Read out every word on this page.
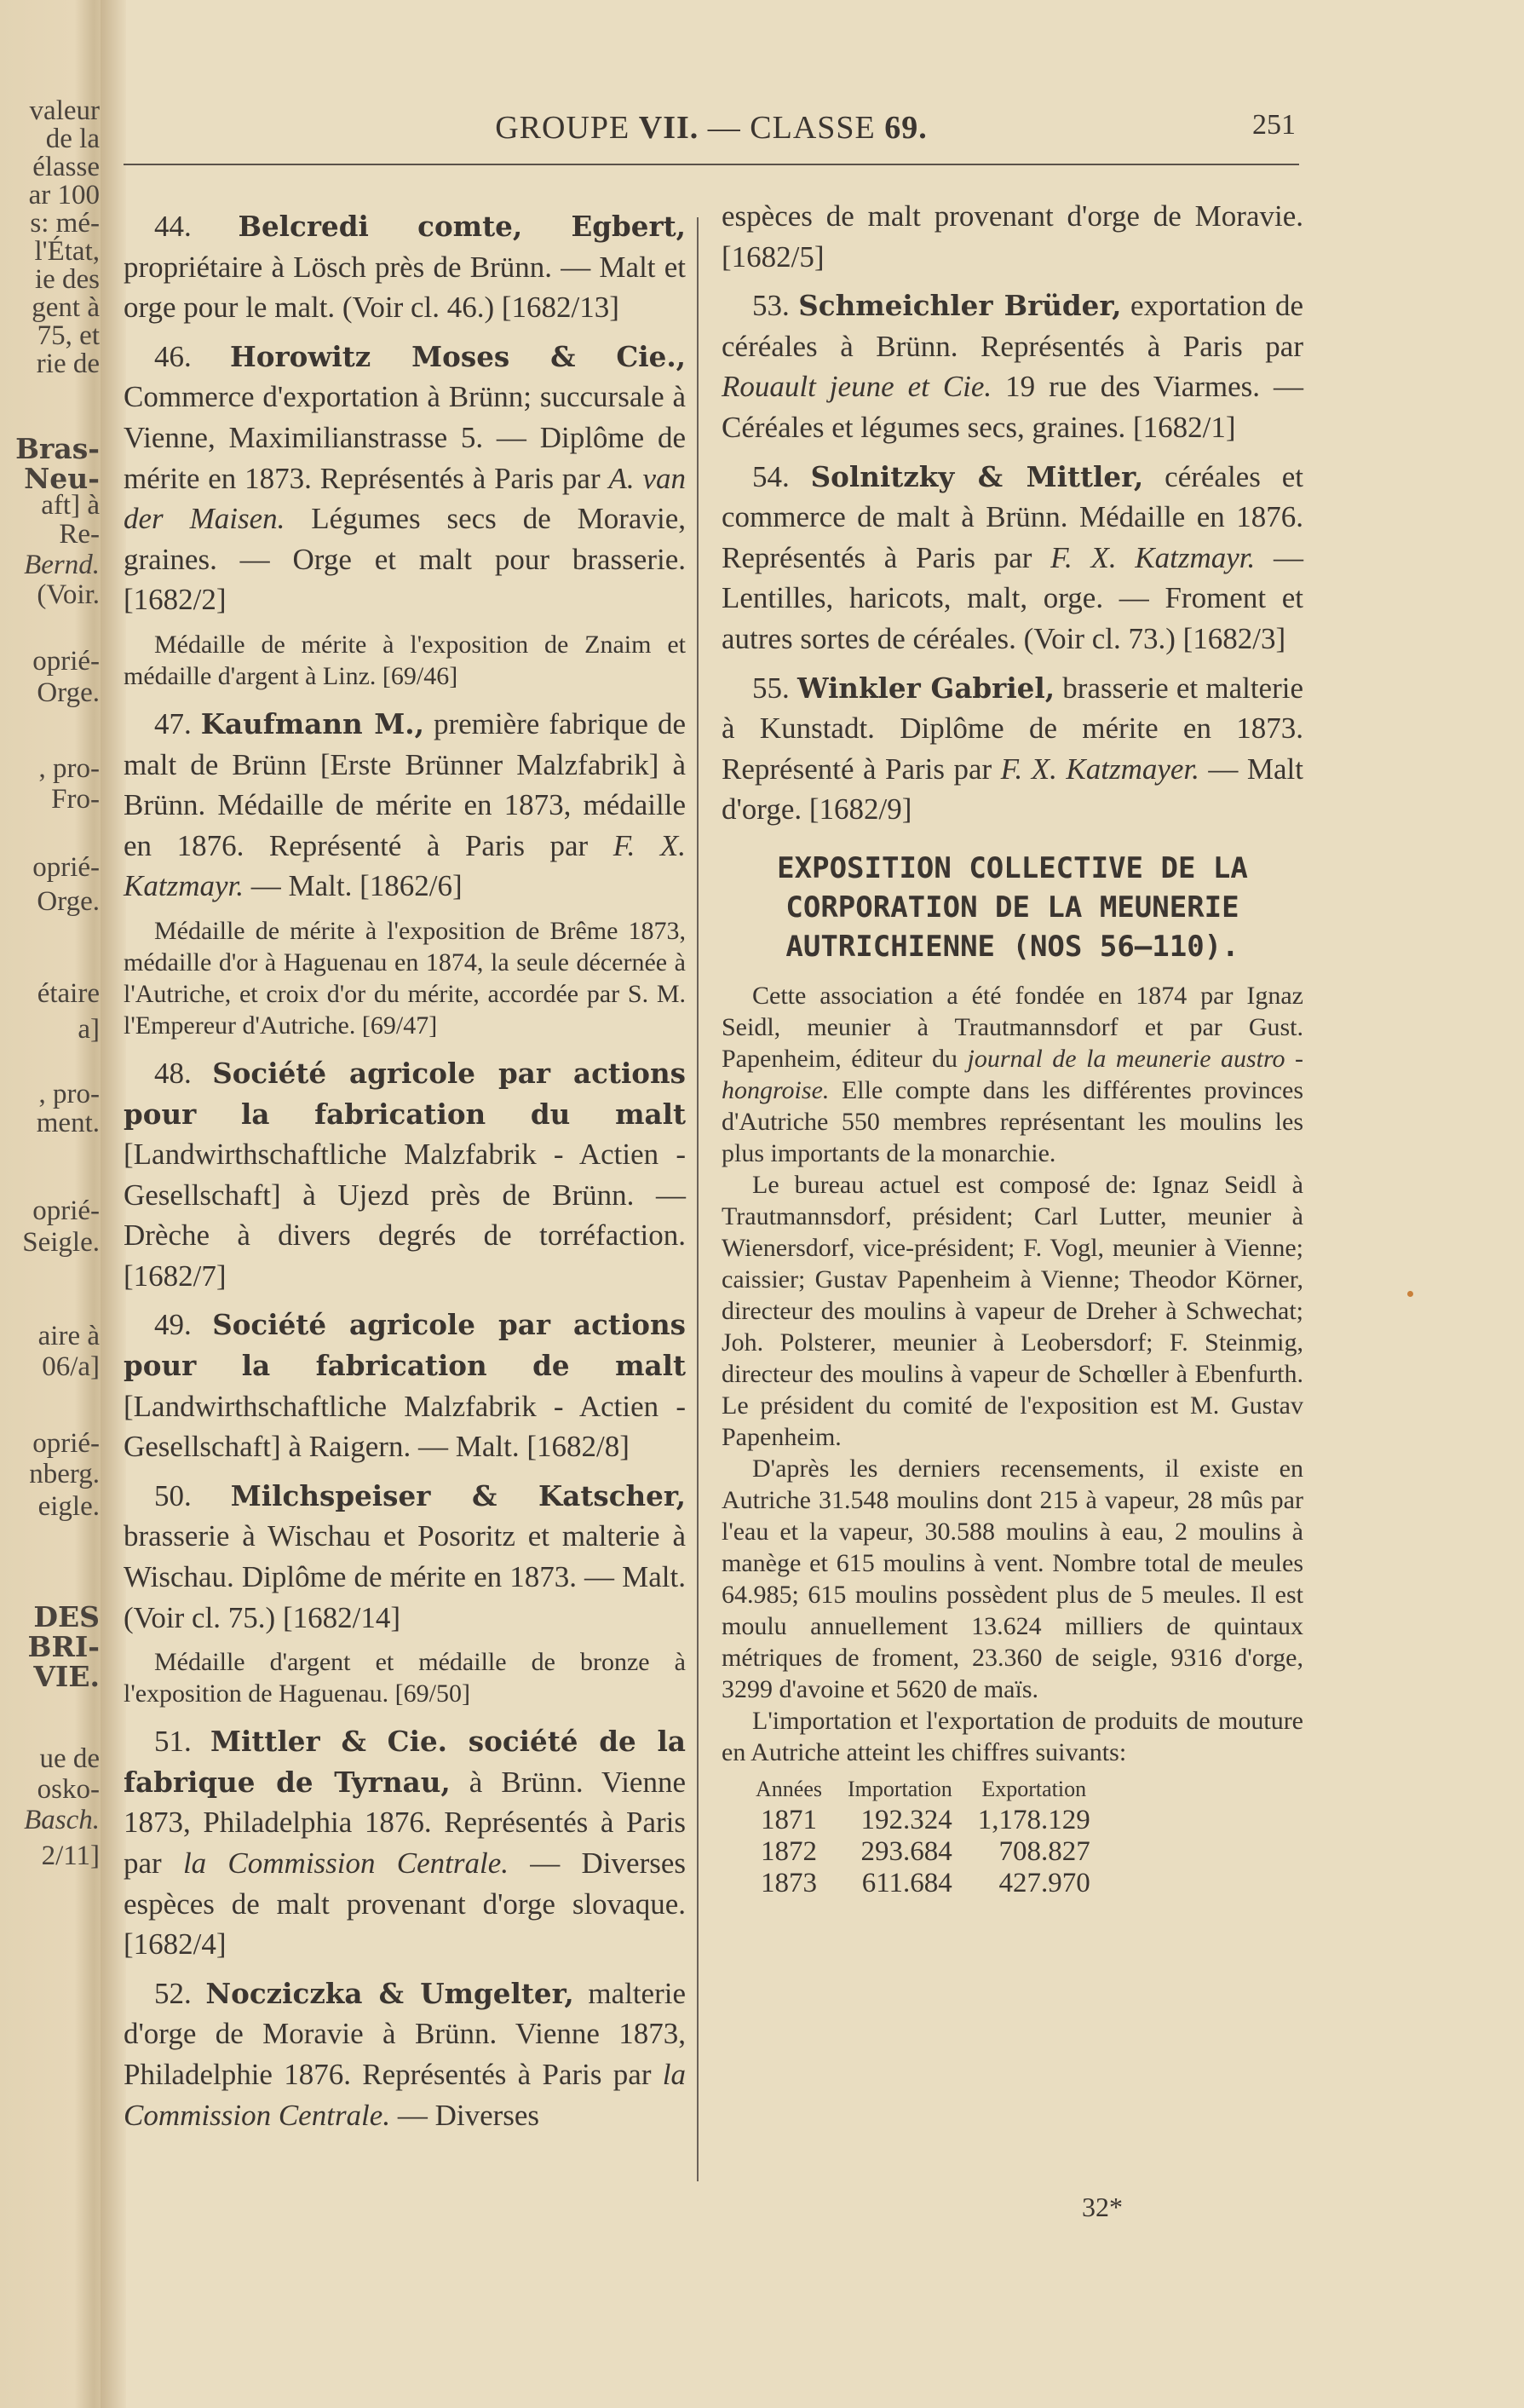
valeur
de la
élasse
ar 100
s: mé-
l'État,
ie des
gent à
75, et
rie de
Bras-
Neu-
aft] à
Re-
Bernd.
(Voir.
oprié-
Orge.
, pro-
Fro-
oprié-
Orge.
étaire
a]
, pro-
ment.
oprié-
Seigle.
aire à
06/a]
oprié-
nberg.
eigle.
DES
BRI-
VIE.
ue de
osko-
Basch.
2/11]
GROUPE VII. — CLASSE 69.	251

44. Belcredi comte, Egbert, propriétaire à Lösch près de Brünn. — Malt et orge pour le malt. (Voir cl. 46.) [1682/13]

46. Horowitz Moses & Cie., Commerce d'exportation à Brünn; succursale à Vienne, Maximilianstrasse 5. — Diplôme de mérite en 1873. Représentés à Paris par A. van der Maisen. Légumes secs de Moravie, graines. — Orge et malt pour brasserie. [1682/2]

Médaille de mérite à l'exposition de Znaim et médaille d'argent à Linz. [69/46]

47. Kaufmann M., première fabrique de malt de Brünn [Erste Brünner Malzfabrik] à Brünn. Médaille de mérite en 1873, médaille en 1876. Représenté à Paris par F. X. Katzmayr. — Malt. [1862/6]

Médaille de mérite à l'exposition de Brême 1873, médaille d'or à Haguenau en 1874, la seule décernée à l'Autriche, et croix d'or du mérite, accordée par S. M. l'Empereur d'Autriche. [69/47]

48. Société agricole par actions pour la fabrication du malt [Landwirthschaftliche Malzfabrik - Actien - Gesellschaft] à Ujezd près de Brünn. — Drèche à divers degrés de torréfaction. [1682/7]

49. Société agricole par actions pour la fabrication de malt [Landwirthschaftliche Malzfabrik - Actien - Gesellschaft] à Raigern. — Malt. [1682/8]

50. Milchspeiser & Katscher, brasserie à Wischau et Posoritz et malterie à Wischau. Diplôme de mérite en 1873. — Malt. (Voir cl. 75.) [1682/14]

Médaille d'argent et médaille de bronze à l'exposition de Haguenau. [69/50]

51. Mittler & Cie. société de la fabrique de Tyrnau, à Brünn. Vienne 1873, Philadelphia 1876. Représentés à Paris par la Commission Centrale. — Diverses espèces de malt provenant d'orge slovaque. [1682/4]

52. Nocziczka & Umgelter, malterie d'orge de Moravie à Brünn. Vienne 1873, Philadelphie 1876. Représentés à Paris par la Commission Centrale. — Diverses

espèces de malt provenant d'orge de Moravie. [1682/5]

53. Schmeichler Brüder, exportation de céréales à Brünn. Représentés à Paris par Rouault jeune et Cie. 19 rue des Viarmes. — Céréales et légumes secs, graines. [1682/1]

54. Solnitzky & Mittler, céréales et commerce de malt à Brünn. Médaille en 1876. Représentés à Paris par F. X. Katzmayr. — Lentilles, haricots, malt, orge. — Froment et autres sortes de céréales. (Voir cl. 73.) [1682/3]

55. Winkler Gabriel, brasserie et malterie à Kunstadt. Diplôme de mérite en 1873. Représenté à Paris par F. X. Katzmayer. — Malt d'orge. [1682/9]

EXPOSITION COLLECTIVE DE LA CORPORATION DE LA MEUNERIE AUTRICHIENNE (NOS 56—110).

Cette association a été fondée en 1874 par Ignaz Seidl, meunier à Trautmannsdorf et par Gust. Papenheim, éditeur du journal de la meunerie austro - hongroise. Elle compte dans les différentes provinces d'Autriche 550 membres représentant les moulins les plus importants de la monarchie.

Le bureau actuel est composé de: Ignaz Seidl à Trautmannsdorf, président; Carl Lutter, meunier à Wienersdorf, vice-président; F. Vogl, meunier à Vienne; caissier; Gustav Papenheim à Vienne; Theodor Körner, directeur des moulins à vapeur de Dreher à Schwechat; Joh. Polsterer, meunier à Leobersdorf; F. Steinmig, directeur des moulins à vapeur de Schœller à Ebenfurth. Le président du comité de l'exposition est M. Gustav Papenheim.

D'après les derniers recensements, il existe en Autriche 31.548 moulins dont 215 à vapeur, 28 mûs par l'eau et la vapeur, 30.588 moulins à eau, 2 moulins à manège et 615 moulins à vent. Nombre total de meules 64.985; 615 moulins possèdent plus de 5 meules. Il est moulu annuellement 13.624 milliers de quintaux métriques de froment, 23.360 de seigle, 9316 d'orge, 3299 d'avoine et 5620 de maïs.

L'importation et l'exportation de produits de mouture en Autriche atteint les chiffres suivants:

Années	Importation	Exportation
1871	192.324	1,178.129
1872	293.684	708.827
1873	611.684	427.970
32*
